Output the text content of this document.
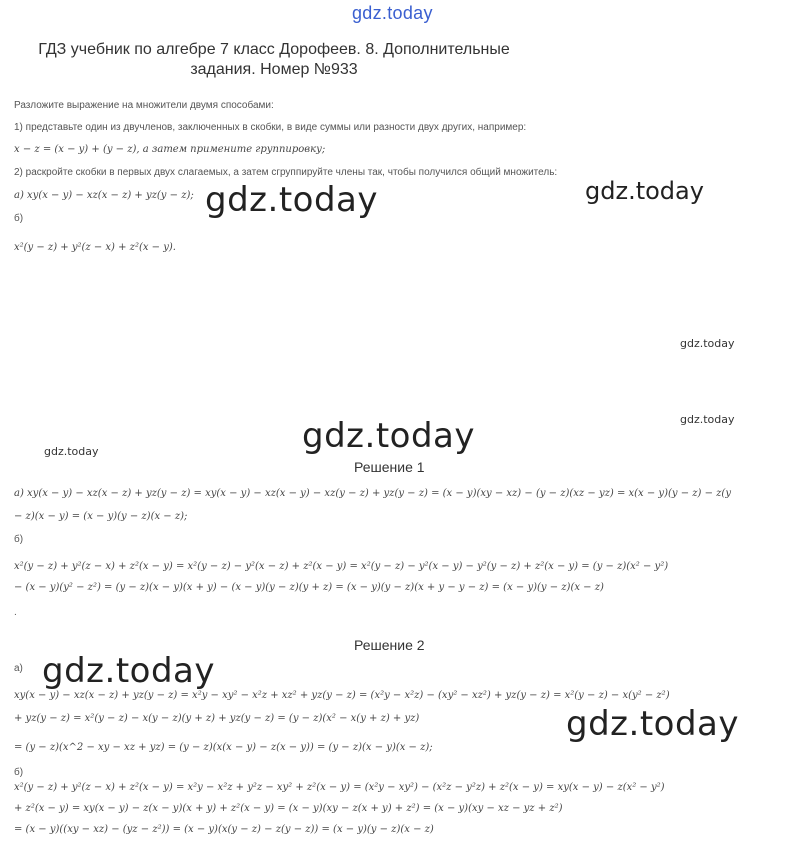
gdz.today
ГДЗ учебник по алгебре 7 класс Дорофеев. 8. Дополнительные задания. Номер №933
Разложите выражение на множители двумя способами:
1) представьте один из двучленов, заключенных в скобки, в виде суммы или разности двух других, например:
x − z = (x − y) + (y − z), а затем примените группировку;
2) раскройте скобки в первых двух слагаемых, а затем сгруппируйте члены так, чтобы получился общий множитель:
а) xy(x − y) − xz(x − z) + yz(y − z);
б)
x²(y − z) + y²(z − x) + z²(x − y).
gdz.today	gdz.today
gdz.today
gdz.today
gdz.today
gdz.today
Решение 1
а) xy(x − y) − xz(x − z) + yz(y − z) = xy(x − y) − xz(x − y) − xz(y − z) + yz(y − z) = (x − y)(xy − xz) − (y − z)(xz − yz) = x(x − y)(y − z) − z(y
− z)(x − y) = (x − y)(y − z)(x − z);
б)
x²(y − z) + y²(z − x) + z²(x − y) = x²(y − z) − y²(x − z) + z²(x − y) = x²(y − z) − y²(x − y) − y²(y − z) + z²(x − y) = (y − z)(x² − y²)
− (x − y)(y² − z²) = (y − z)(x − y)(x + y) − (x − y)(y − z)(y + z) = (x − y)(y − z)(x + y − y − z) = (x − y)(y − z)(x − z)
.
Решение 2
а) gdz.today
xy(x − y) − xz(x − z) + yz(y − z) = x²y − xy² − x²z + xz² + yz(y − z) = (x²y − x²z) − (xy² − xz²) + yz(y − z) = x²(y − z) − x(y² − z²)
+ yz(y − z) = x²(y − z) − x(y − z)(y + z) + yz(y − z) = (y − z)(x² − x(y + z) + yz)	gdz.today
= (y − z)(x^2 − xy − xz + yz) = (y − z)(x(x − y) − z(x − y)) = (y − z)(x − y)(x − z);
б)
x²(y − z) + y²(z − x) + z²(x − y) = x²y − x²z + y²z − xy² + z²(x − y) = (x²y − xy²) − (x²z − y²z) + z²(x − y) = xy(x − y) − z(x² − y²)
+ z²(x − y) = xy(x − y) − z(x − y)(x + y) + z²(x − y) = (x − y)(xy − z(x + y) + z²) = (x − y)(xy − xz − yz + z²)
= (x − y)((xy − xz) − (yz − z²)) = (x − y)(x(y − z) − z(y − z)) = (x − y)(y − z)(x − z)
